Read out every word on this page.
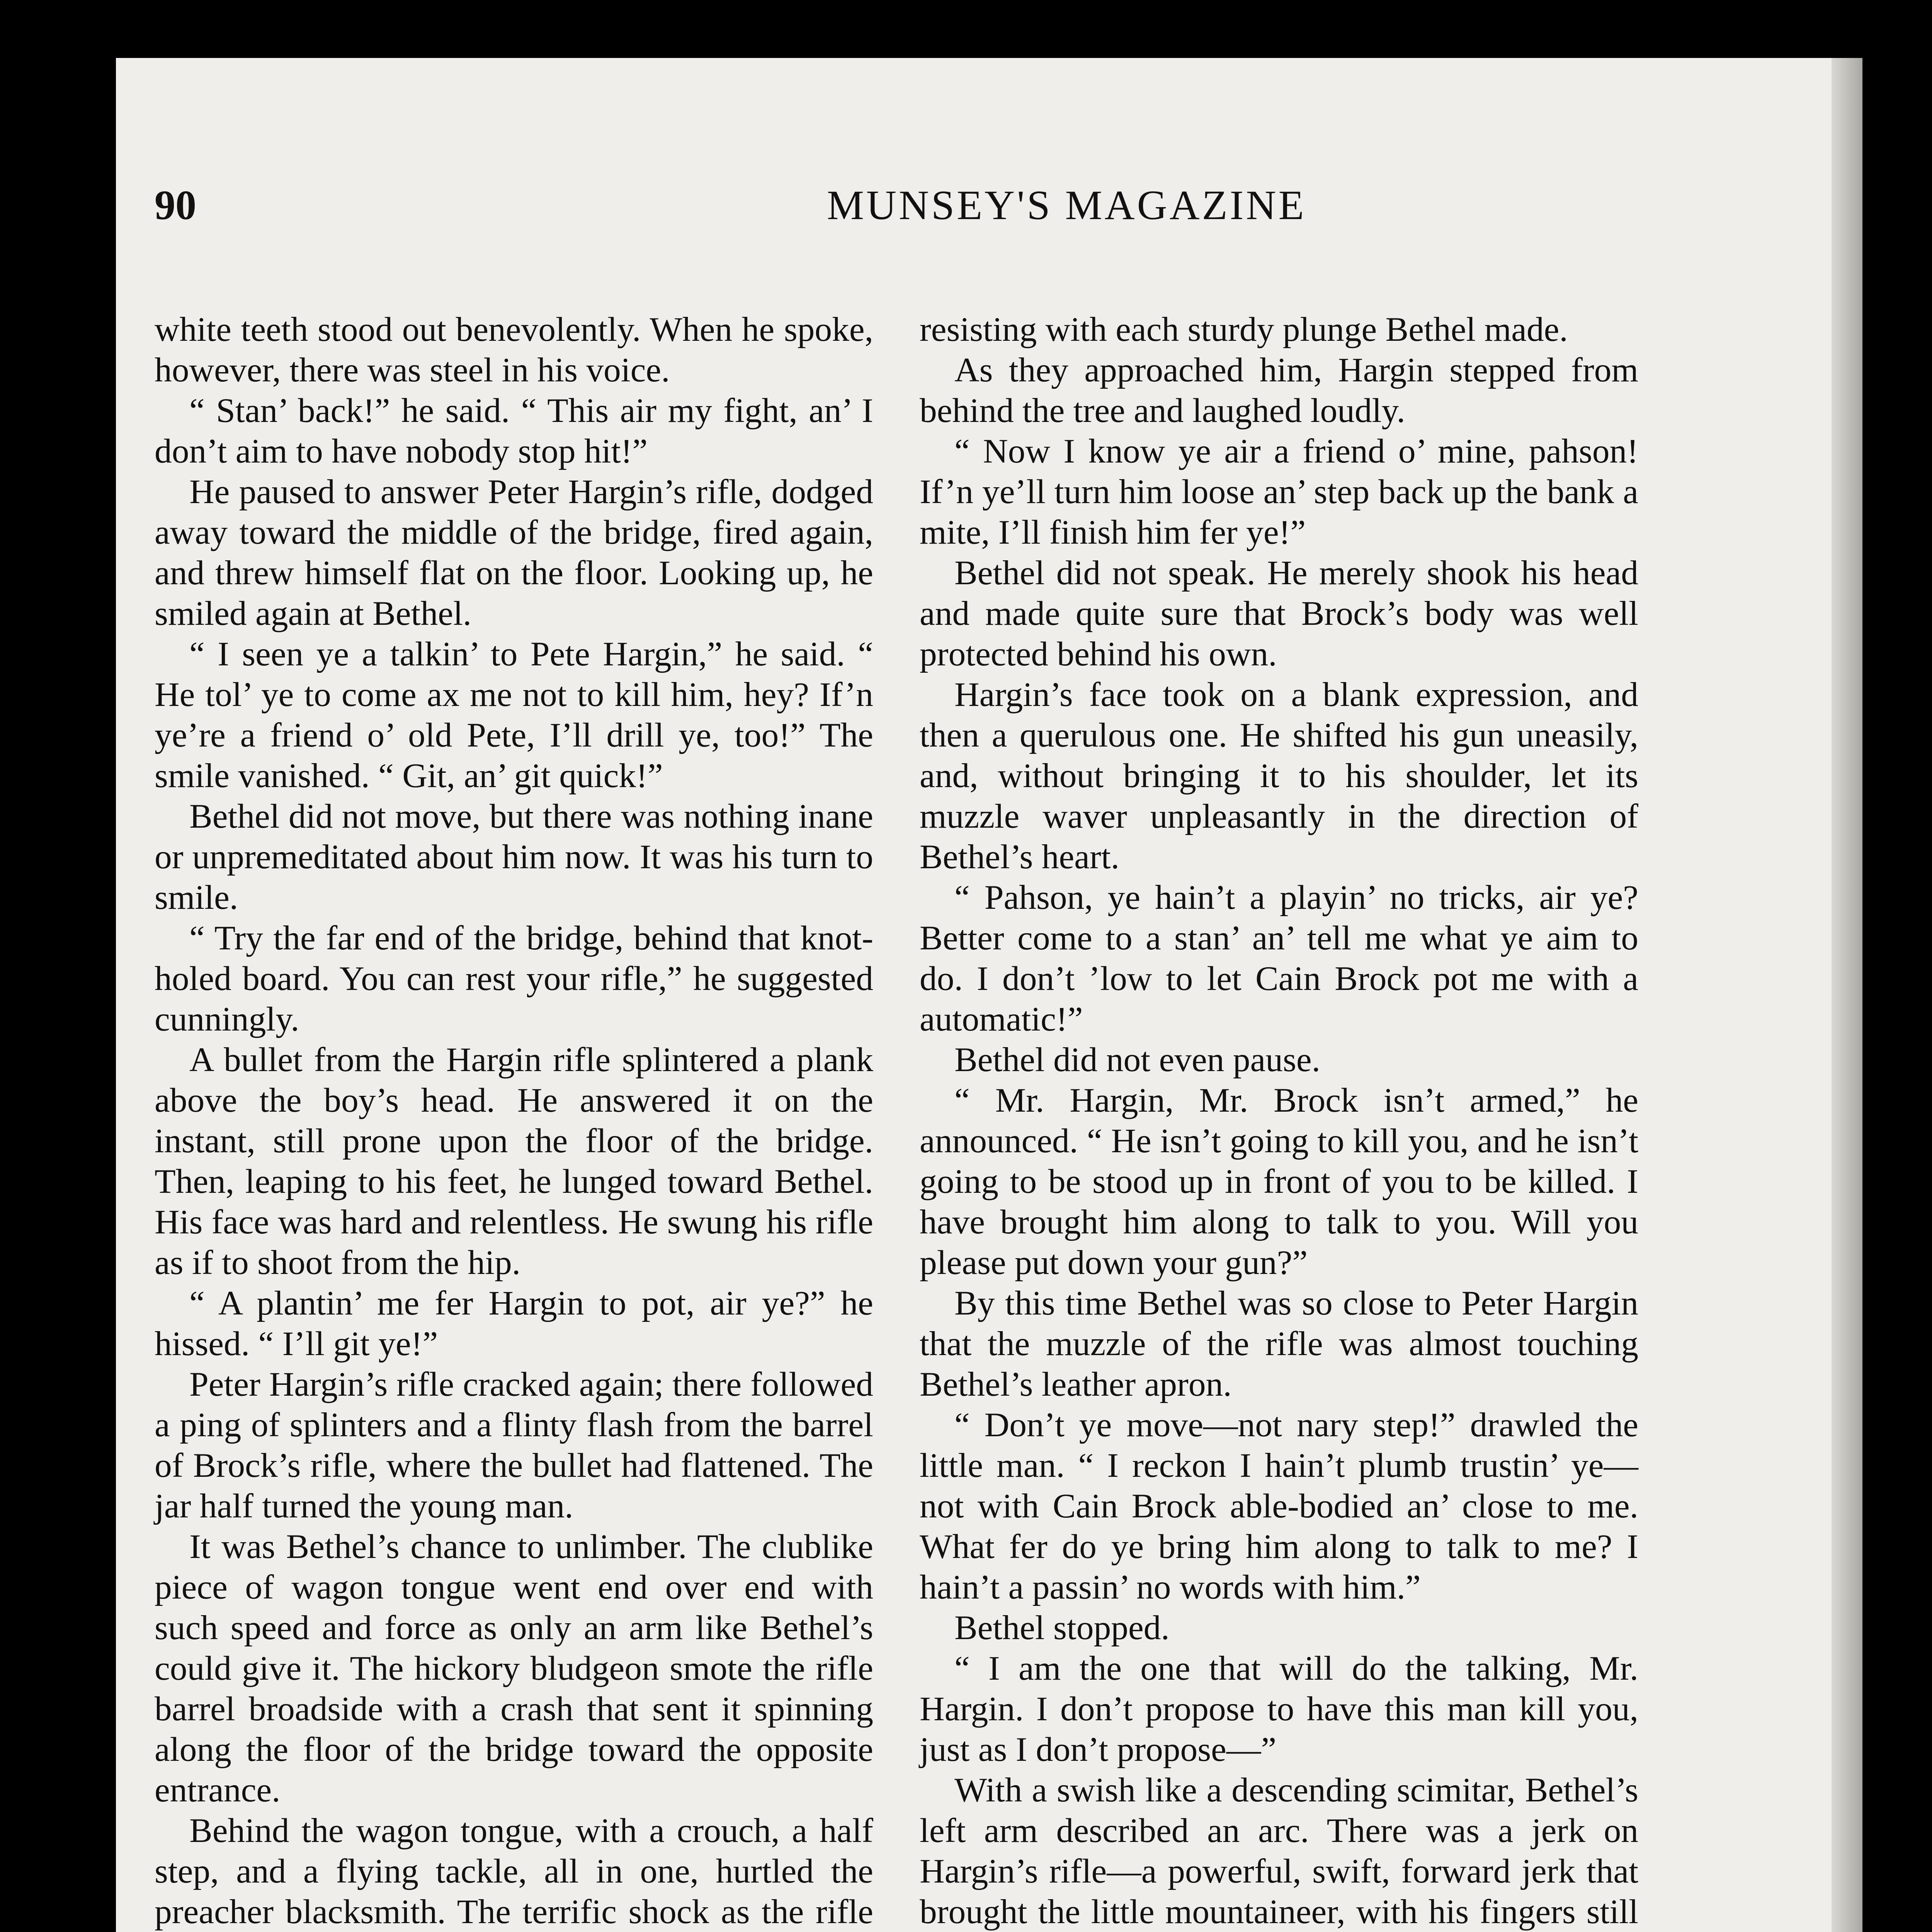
90	MUNSEY'S MAGAZINE

white teeth stood out benevolently. When he spoke, however, there was steel in his voice.

“ Stan’ back!” he said. “ This air my fight, an’ I don’t aim to have nobody stop hit!”

He paused to answer Peter Hargin’s rifle, dodged away toward the middle of the bridge, fired again, and threw himself flat on the floor. Looking up, he smiled again at Bethel.

“ I seen ye a talkin’ to Pete Hargin,” he said. “ He tol’ ye to come ax me not to kill him, hey? If’n ye’re a friend o’ old Pete, I’ll drill ye, too!” The smile vanished. “ Git, an’ git quick!”

Bethel did not move, but there was nothing inane or unpremeditated about him now. It was his turn to smile.

“ Try the far end of the bridge, behind that knot-holed board. You can rest your rifle,” he suggested cunningly.

A bullet from the Hargin rifle splintered a plank above the boy’s head. He answered it on the instant, still prone upon the floor of the bridge. Then, leaping to his feet, he lunged toward Bethel. His face was hard and relentless. He swung his rifle as if to shoot from the hip.

“ A plantin’ me fer Hargin to pot, air ye?” he hissed. “ I’ll git ye!”

Peter Hargin’s rifle cracked again; there followed a ping of splinters and a flinty flash from the barrel of Brock’s rifle, where the bullet had flattened. The jar half turned the young man.

It was Bethel’s chance to unlimber. The clublike piece of wagon tongue went end over end with such speed and force as only an arm like Bethel’s could give it. The hickory bludgeon smote the rifle barrel broadside with a crash that sent it spinning along the floor of the bridge toward the opposite entrance.

Behind the wagon tongue, with a crouch, a half step, and a flying tackle, all in one, hurtled the preacher blacksmith. The terrific shock as the rifle

resisting with each sturdy plunge Bethel made.

As they approached him, Hargin stepped from behind the tree and laughed loudly.

“ Now I know ye air a friend o’ mine, pahson! If’n ye’ll turn him loose an’ step back up the bank a mite, I’ll finish him fer ye!”

Bethel did not speak. He merely shook his head and made quite sure that Brock’s body was well protected behind his own.

Hargin’s face took on a blank expression, and then a querulous one. He shifted his gun uneasily, and, without bringing it to his shoulder, let its muzzle waver unpleasantly in the direction of Bethel’s heart.

“ Pahson, ye hain’t a playin’ no tricks, air ye? Better come to a stan’ an’ tell me what ye aim to do. I don’t ’low to let Cain Brock pot me with a automatic!”

Bethel did not even pause.

“ Mr. Hargin, Mr. Brock isn’t armed,” he announced. “ He isn’t going to kill you, and he isn’t going to be stood up in front of you to be killed. I have brought him along to talk to you. Will you please put down your gun?”

By this time Bethel was so close to Peter Hargin that the muzzle of the rifle was almost touching Bethel’s leather apron.

“ Don’t ye move—not nary step!” drawled the little man. “ I reckon I hain’t plumb trustin’ ye—not with Cain Brock able-bodied an’ close to me. What fer do ye bring him along to talk to me? I hain’t a passin’ no words with him.”

Bethel stopped.

“ I am the one that will do the talking, Mr. Hargin. I don’t propose to have this man kill you, just as I don’t propose—”

With a swish like a descending scimitar, Bethel’s left arm described an arc. There was a jerk on Hargin’s rifle—a powerful, swift, forward jerk that brought the little mountaineer, with his fingers still
